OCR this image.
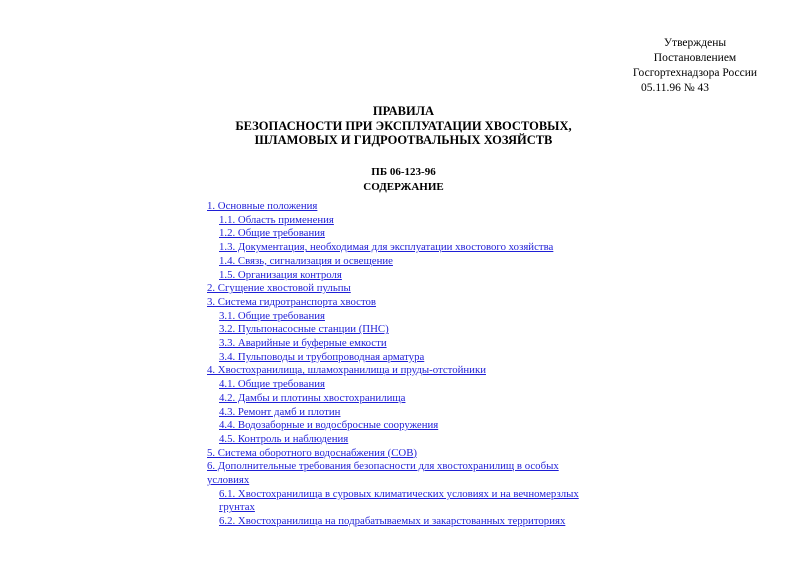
Утверждены
Постановлением
Госгортехнадзора России
05.11.96 № 43
ПРАВИЛА
БЕЗОПАСНОСТИ ПРИ ЭКСПЛУАТАЦИИ ХВОСТОВЫХ,
ШЛАМОВЫХ И ГИДРООТВАЛЬНЫХ ХОЗЯЙСТВ
ПБ 06-123-96
СОДЕРЖАНИЕ
1. Основные положения
1.1. Область применения
1.2. Общие требования
1.3. Документация, необходимая для эксплуатации хвостового хозяйства
1.4. Связь, сигнализация и освещение
1.5. Организация контроля
2. Сгущение хвостовой пульпы
3. Система гидротранспорта хвостов
3.1. Общие требования
3.2. Пульпонасосные станции (ПНС)
3.3. Аварийные и буферные емкости
3.4. Пульповоды и трубопроводная арматура
4. Хвостохранилища, шламохранилища и пруды-отстойники
4.1. Общие требования
4.2. Дамбы и плотины хвостохранилища
4.3. Ремонт дамб и плотин
4.4. Водозаборные и водосбросные сооружения
4.5. Контроль и наблюдения
5. Система оборотного водоснабжения (СОВ)
6. Дополнительные требования безопасности для хвостохранилищ в особых условиях
6.1. Хвостохранилища в суровых климатических условиях и на вечномерзлых грунтах
6.2. Хвостохранилища на подрабатываемых и закарстованных территориях
